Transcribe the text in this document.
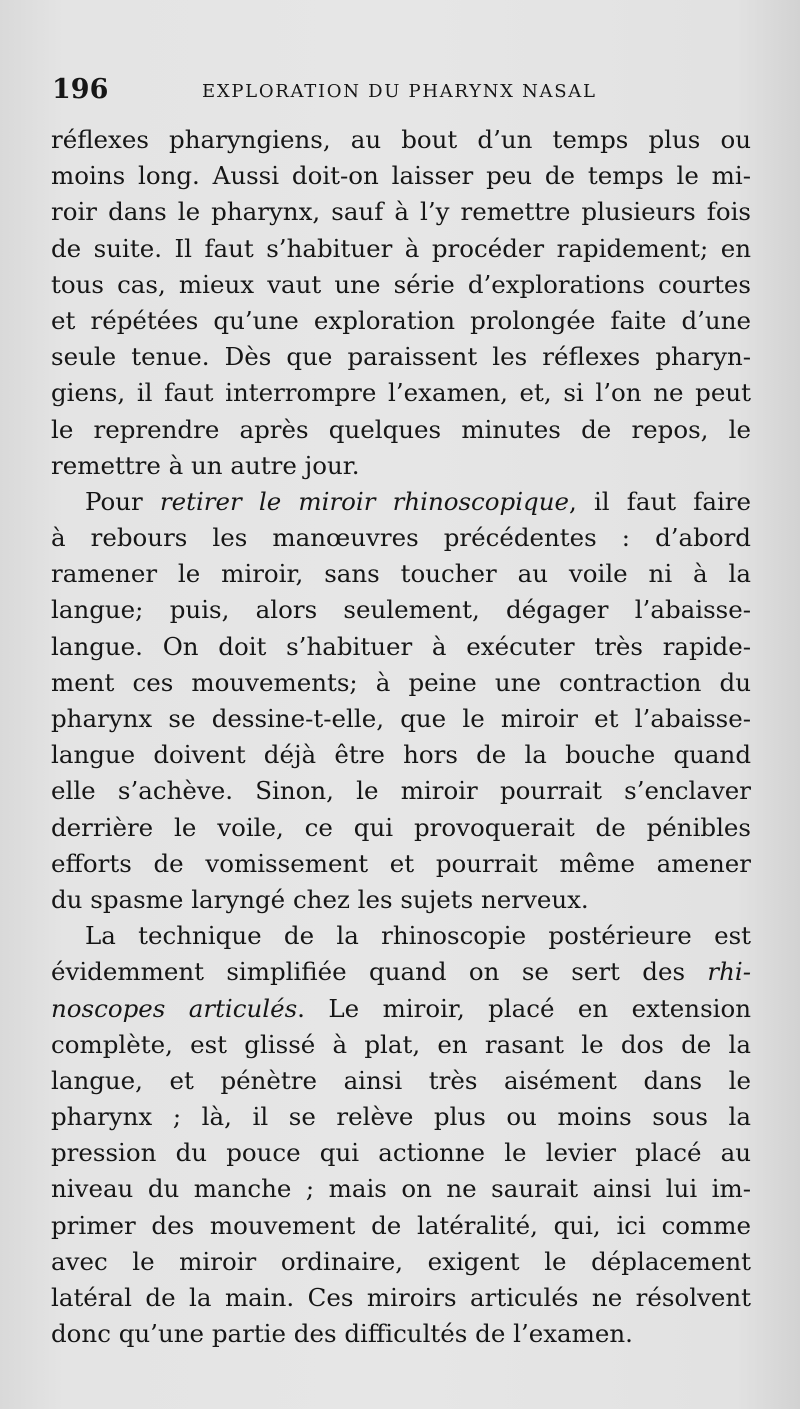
196	EXPLORATION DU PHARYNX NASAL
réflexes pharyngiens, au bout d’un temps plus ou
moins long. Aussi doit-on laisser peu de temps le mi-
roir dans le pharynx, sauf à l’y remettre plusieurs fois
de suite. Il faut s’habituer à procéder rapidement; en
tous cas, mieux vaut une série d’explorations courtes
et répétées qu’une exploration prolongée faite d’une
seule tenue. Dès que paraissent les réflexes pharyn-
giens, il faut interrompre l’examen, et, si l’on ne peut
le reprendre après quelques minutes de repos, le
remettre à un autre jour.
Pour retirer le miroir rhinoscopique, il faut faire
à rebours les manœuvres précédentes : d’abord
ramener le miroir, sans toucher au voile ni à la
langue; puis, alors seulement, dégager l’abaisse-
langue. On doit s’habituer à exécuter très rapide-
ment ces mouvements; à peine une contraction du
pharynx se dessine-t-elle, que le miroir et l’abaisse-
langue doivent déjà être hors de la bouche quand
elle s’achève. Sinon, le miroir pourrait s’enclaver
derrière le voile, ce qui provoquerait de pénibles
efforts de vomissement et pourrait même amener
du spasme laryngé chez les sujets nerveux.
La technique de la rhinoscopie postérieure est
évidemment simplifiée quand on se sert des rhi-
noscopes articulés. Le miroir, placé en extension
complète, est glissé à plat, en rasant le dos de la
langue, et pénètre ainsi très aisément dans le
pharynx ; là, il se relève plus ou moins sous la
pression du pouce qui actionne le levier placé au
niveau du manche ; mais on ne saurait ainsi lui im-
primer des mouvement de latéralité, qui, ici comme
avec le miroir ordinaire, exigent le déplacement
latéral de la main. Ces miroirs articulés ne résolvent
donc qu’une partie des difficultés de l’examen.
